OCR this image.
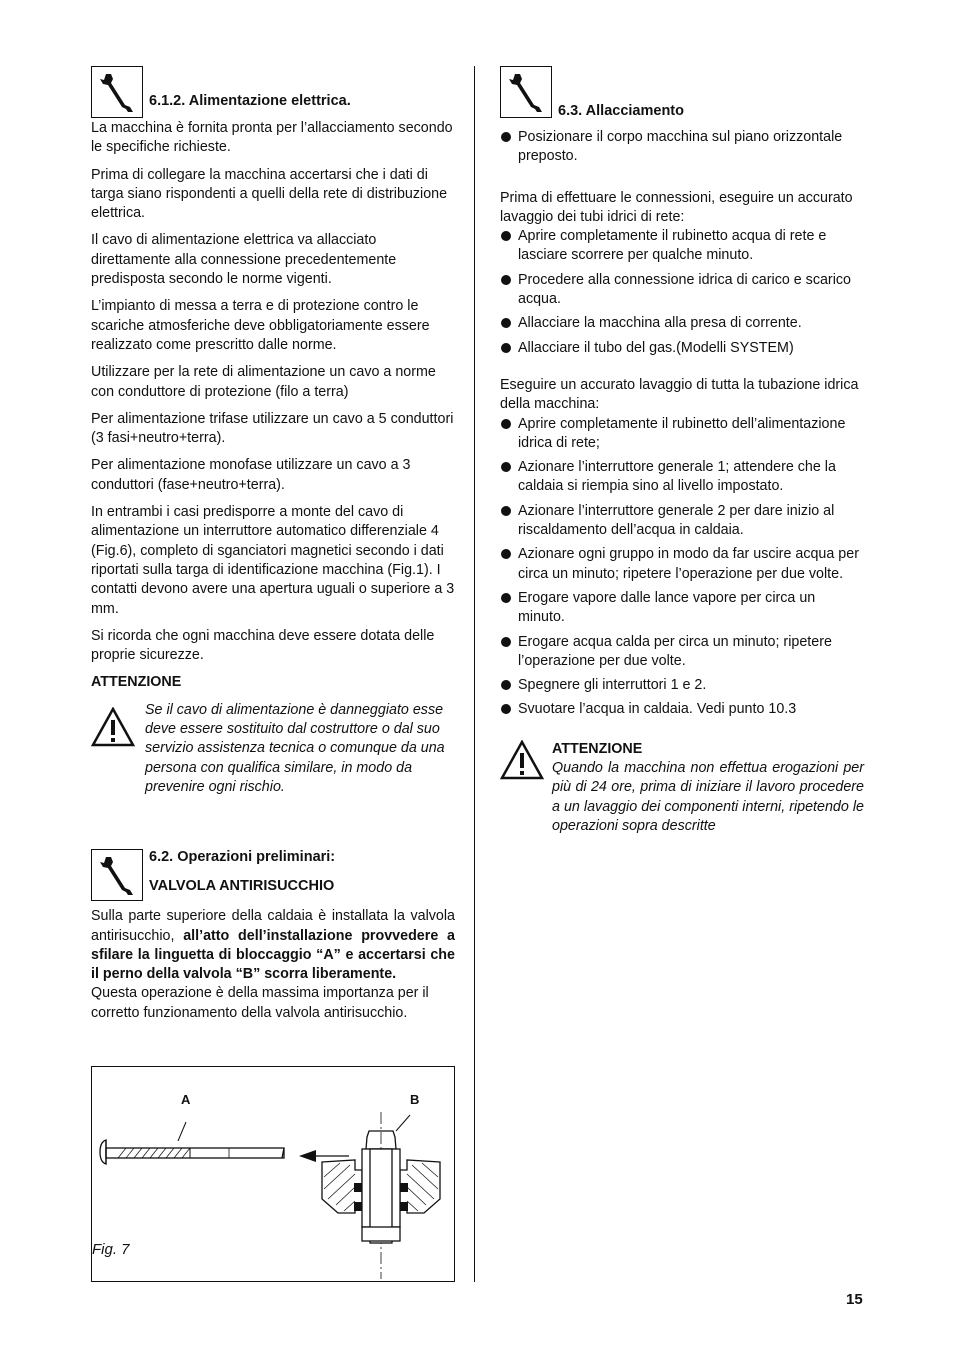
6.1.2. Alimentazione elettrica.

La macchina è fornita pronta per l’allacciamento secondo le specifiche richieste.

Prima di collegare la macchina accertarsi che i dati di targa siano rispondenti a quelli della rete di distribuzione elettrica.

Il cavo di alimentazione elettrica va allacciato direttamente alla connessione precedentemente predisposta secondo le norme vigenti.

L’impianto di messa a terra e di protezione contro le scariche atmosferiche deve obbligatoriamente essere realizzato come prescritto dalle norme.

Utilizzare per la rete di alimentazione un cavo a norme con conduttore di protezione (filo a terra)

Per alimentazione trifase utilizzare un cavo a 5 conduttori (3 fasi+neutro+terra).

Per alimentazione monofase utilizzare un cavo a 3 conduttori (fase+neutro+terra).

In entrambi i casi predisporre a monte del cavo di alimentazione un interruttore automatico differenziale 4 (Fig.6), completo di sganciatori magnetici secondo i dati riportati sulla targa di identificazione macchina (Fig.1). I contatti devono avere una apertura uguali o superiore a 3 mm.

Si ricorda che ogni macchina deve essere dotata delle proprie sicurezze.

ATTENZIONE

Se il cavo di alimentazione è danneggiato esse deve essere sostituito dal costruttore o dal suo servizio assistenza tecnica o comunque da una persona con qualifica similare, in modo da prevenire ogni rischio.
6.2. Operazioni preliminari:
VALVOLA ANTIRISUCCHIO
Sulla parte superiore della caldaia è installata la valvola antirisucchio, all’atto dell’installazione provvedere a sfilare la linguetta di bloccaggio “A” e accertarsi che il perno della valvola “B” scorra liberamente.
Questa operazione è della massima importanza per il corretto funzionamento della valvola antirisucchio.
A	B
Fig. 7
6.3. Allacciamento
Posizionare il corpo macchina sul piano orizzontale preposto.
Prima di effettuare le connessioni, eseguire un accurato lavaggio dei tubi idrici di rete:
Aprire completamente il rubinetto acqua di rete e lasciare scorrere per qualche minuto.
Procedere alla connessione idrica di carico e scarico acqua.
Allacciare la macchina alla presa di corrente.
Allacciare il tubo del gas.(Modelli SYSTEM)
Eseguire un accurato lavaggio di tutta la tubazione idrica della macchina:
Aprire completamente il rubinetto dell’alimentazione idrica di rete;
Azionare l’interruttore generale 1; attendere che la caldaia si riempia sino al livello impostato.
Azionare l’interruttore generale 2 per dare inizio al riscaldamento dell’acqua in caldaia.
Azionare ogni gruppo in modo da far uscire acqua per circa un minuto; ripetere l’operazione per due volte.
Erogare vapore dalle lance vapore per circa un minuto.
Erogare acqua calda per circa un minuto; ripetere l’operazione per due volte.
Spegnere gli interruttori 1 e 2.
Svuotare l’acqua in caldaia. Vedi punto 10.3
ATTENZIONE
Quando la macchina non effettua erogazioni per più di 24 ore, prima di iniziare il lavoro procedere a un lavaggio dei componenti interni, ripetendo le operazioni sopra descritte
15
